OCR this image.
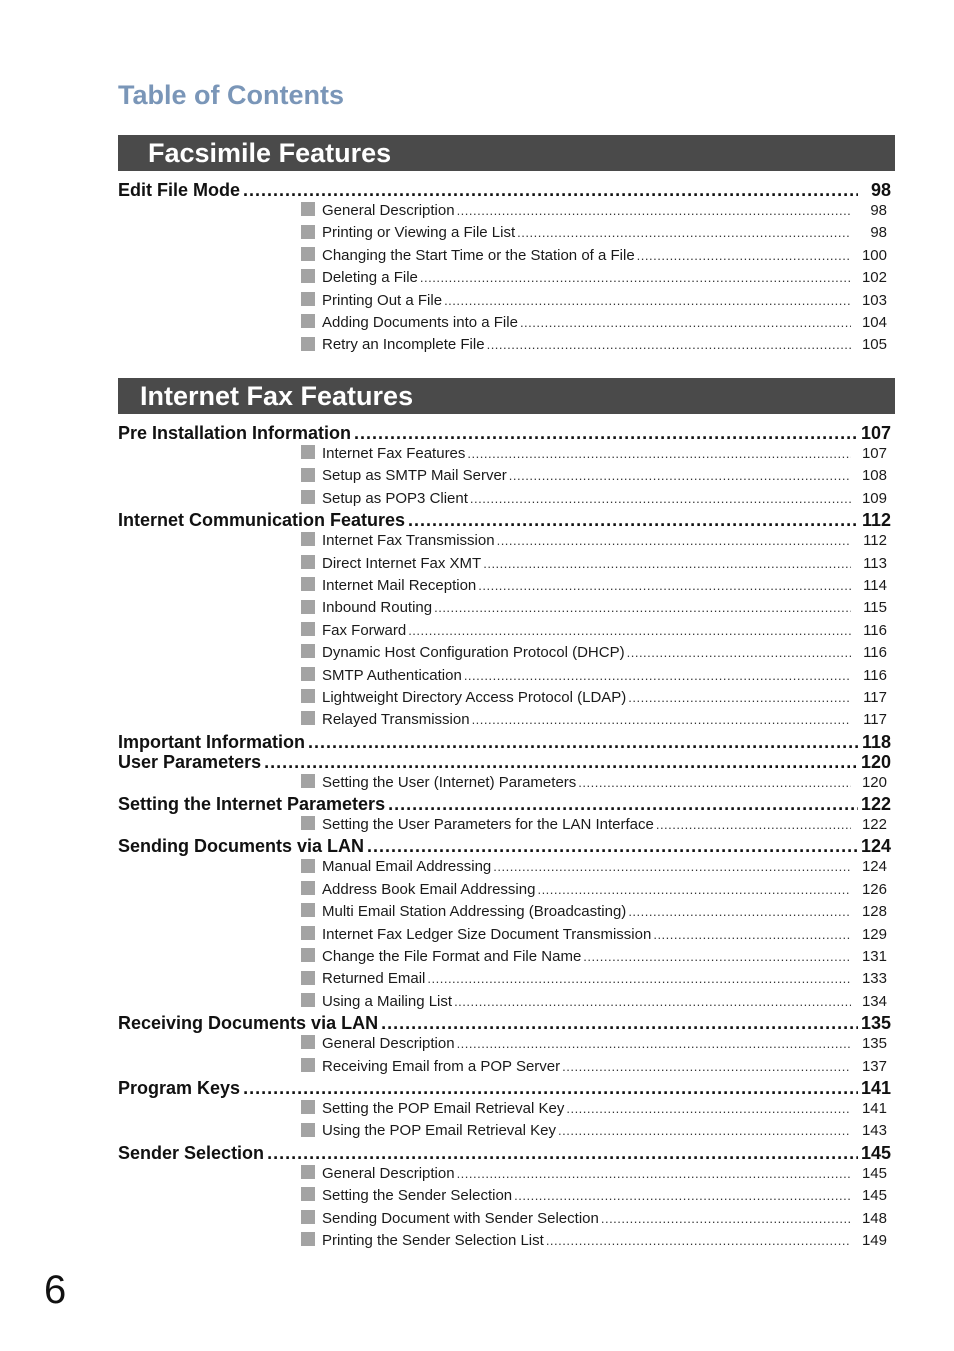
Table of Contents
Facsimile Features
Edit File Mode .....	98
General Description .....	98
Printing or Viewing a File List .....	98
Changing the Start Time or the Station of a File .....	100
Deleting a File .....	102
Printing Out a File .....	103
Adding Documents into a File .....	104
Retry an Incomplete File .....	105
Internet Fax Features
Pre Installation Information .....	107
Internet Fax Features .....	107
Setup as SMTP Mail Server .....	108
Setup as POP3 Client .....	109
Internet Communication Features .....	112
Internet Fax Transmission .....	112
Direct Internet Fax XMT .....	113
Internet Mail Reception .....	114
Inbound Routing .....	115
Fax Forward .....	116
Dynamic Host Configuration Protocol (DHCP) .....	116
SMTP Authentication .....	116
Lightweight Directory Access Protocol (LDAP) .....	117
Relayed Transmission .....	117
Important Information .....	118
User Parameters .....	120
Setting the User (Internet) Parameters .....	120
Setting the Internet Parameters .....	122
Setting the User Parameters for the LAN Interface .....	122
Sending Documents via LAN .....	124
Manual Email Addressing .....	124
Address Book Email Addressing .....	126
Multi Email Station Addressing (Broadcasting) .....	128
Internet Fax Ledger Size Document Transmission .....	129
Change the File Format and File Name .....	131
Returned Email .....	133
Using a Mailing List .....	134
Receiving Documents via LAN .....	135
General Description .....	135
Receiving Email from a POP Server .....	137
Program Keys .....	141
Setting the POP Email Retrieval Key .....	141
Using the POP Email Retrieval Key .....	143
Sender Selection .....	145
General Description .....	145
Setting the Sender Selection .....	145
Sending Document with Sender Selection .....	148
Printing the Sender Selection List .....	149
6
